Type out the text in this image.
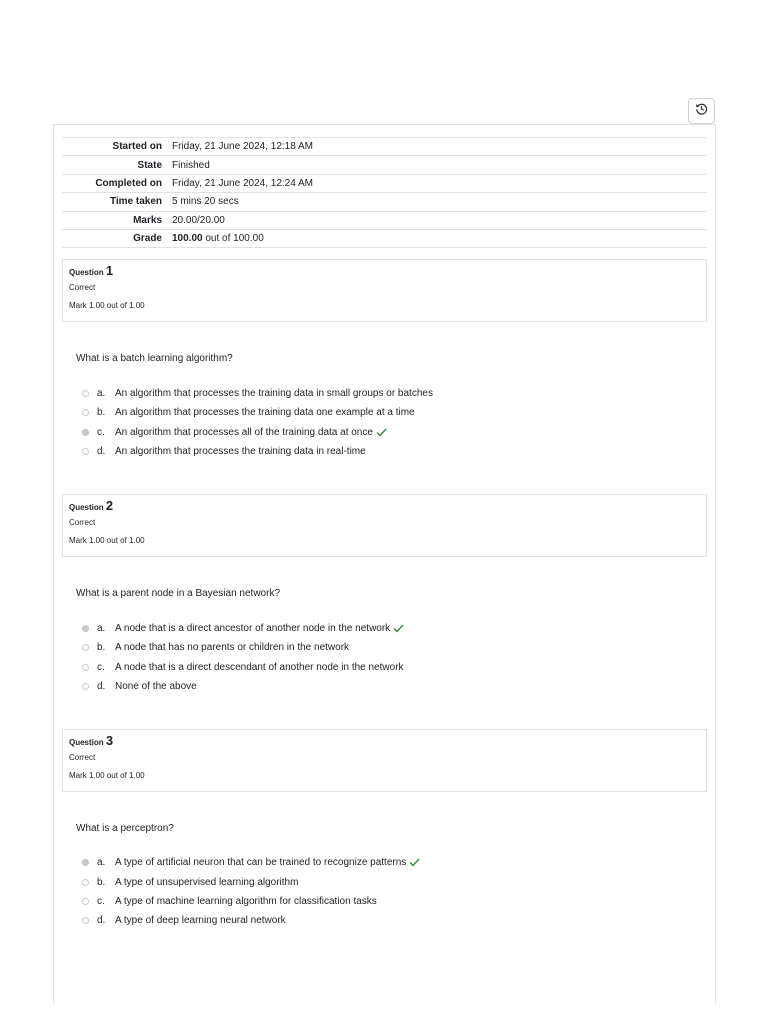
Started on	Friday, 21 June 2024, 12:18 AM
State	Finished
Completed on	Friday, 21 June 2024, 12:24 AM
Time taken	5 mins 20 secs
Marks	20.00/20.00
Grade	100.00 out of 100.00
Question 1
Correct
Mark 1.00 out of 1.00
What is a batch learning algorithm?
a. An algorithm that processes the training data in small groups or batches
b. An algorithm that processes the training data one example at a time
c.	An algorithm that processes all of the training data at once
d. An algorithm that processes the training data in real-time
Question 2
Correct
Mark 1.00 out of 1.00
What is a parent node in a Bayesian network?
a. A node that is a direct ancestor of another node in the network
b. A node that has no parents or children in the network
c.	A node that is a direct descendant of another node in the network
d. None of the above
Question 3
Correct
Mark 1.00 out of 1.00
What is a perceptron?
a. A type of artificial neuron that can be trained to recognize patterns
b. A type of unsupervised learning algorithm
c.	A type of machine learning algorithm for classification tasks
d. A type of deep learning neural network
